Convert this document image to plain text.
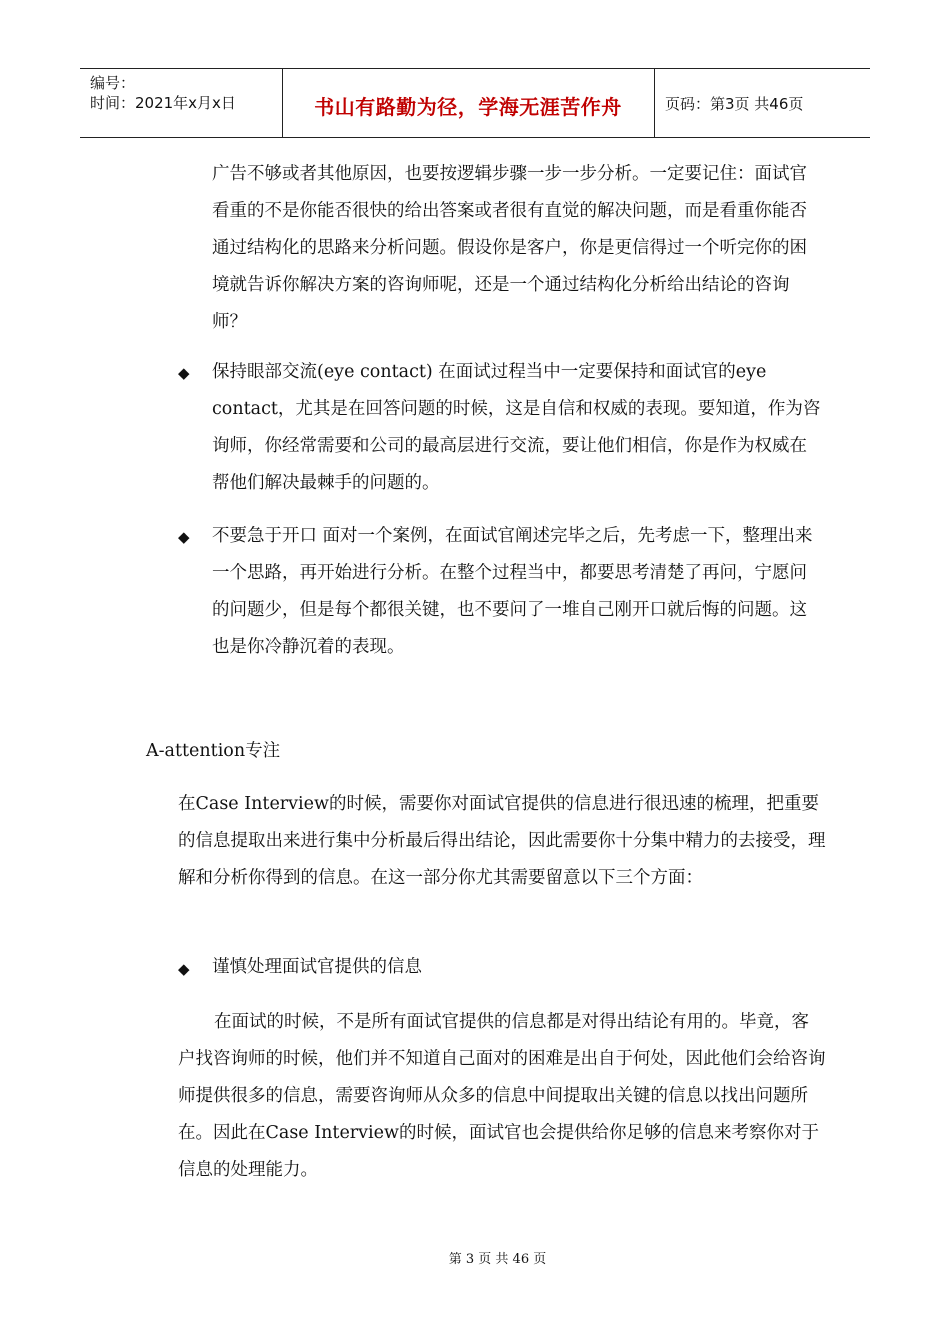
编号：
时间：2021年x月x日	书山有路勤为径，学海无涯苦作舟	页码：第3页 共46页

广告不够或者其他原因，也要按逻辑步骤一步一步分析。一定要记住：面试官看重的不是你能否很快的给出答案或者很有直觉的解决问题，而是看重你能否通过结构化的思路来分析问题。假设你是客户，你是更信得过一个听完你的困境就告诉你解决方案的咨询师呢，还是一个通过结构化分析给出结论的咨询师？

◆ 保持眼部交流(eye contact) 在面试过程当中一定要保持和面试官的eye contact，尤其是在回答问题的时候，这是自信和权威的表现。要知道，作为咨询师，你经常需要和公司的最高层进行交流，要让他们相信，你是作为权威在帮他们解决最棘手的问题的。

◆ 不要急于开口 面对一个案例，在面试官阐述完毕之后，先考虑一下，整理出来一个思路，再开始进行分析。在整个过程当中，都要思考清楚了再问，宁愿问的问题少，但是每个都很关键，也不要问了一堆自己刚开口就后悔的问题。这也是你冷静沉着的表现。

A-attention专注

在Case Interview的时候，需要你对面试官提供的信息进行很迅速的梳理，把重要的信息提取出来进行集中分析最后得出结论，因此需要你十分集中精力的去接受，理解和分析你得到的信息。在这一部分你尤其需要留意以下三个方面：

◆ 谨慎处理面试官提供的信息

在面试的时候，不是所有面试官提供的信息都是对得出结论有用的。毕竟，客户找咨询师的时候，他们并不知道自己面对的困难是出自于何处，因此他们会给咨询师提供很多的信息，需要咨询师从众多的信息中间提取出关键的信息以找出问题所在。因此在Case Interview的时候，面试官也会提供给你足够的信息来考察你对于信息的处理能力。

第 3 页 共 46 页
